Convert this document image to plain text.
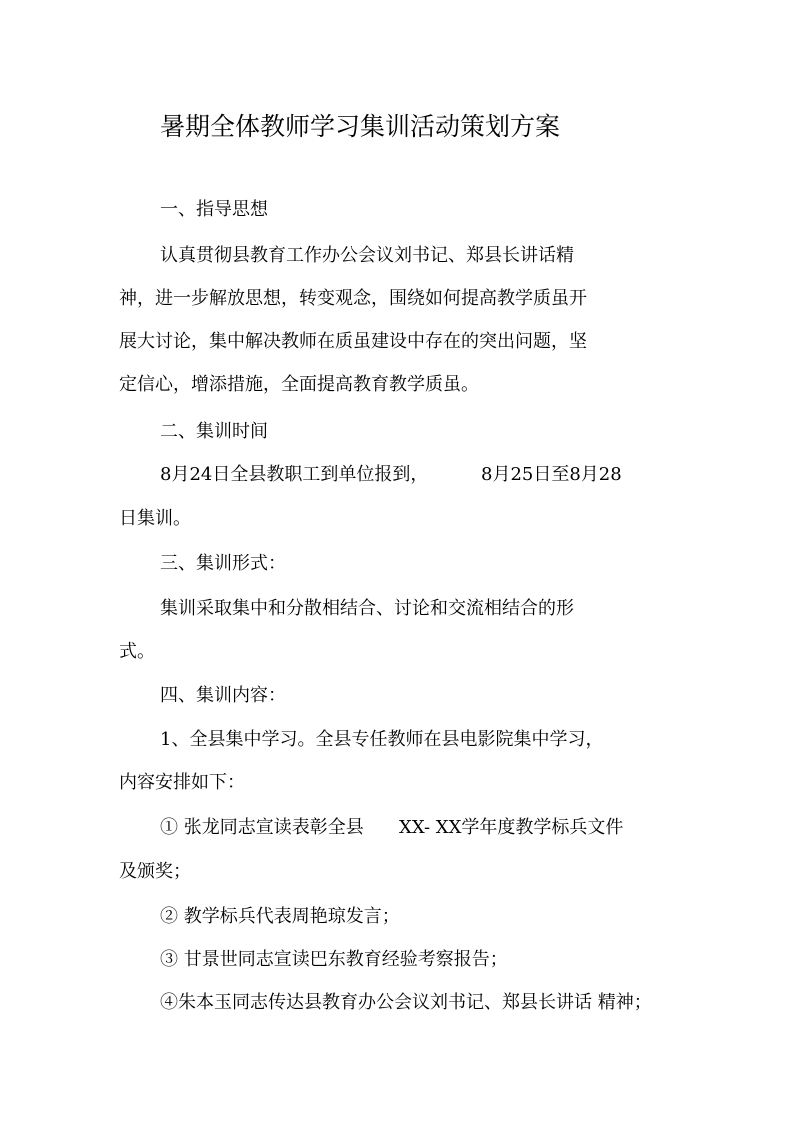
暑期全体教师学习集训活动策划方案
一、指导思想
认真贯彻县教育工作办公会议刘书记、郑县长讲话精
神，进一步解放思想，转变观念，围绕如何提高教学质虽开
展大讨论，集中解决教师在质虽建设中存在的突出问题，坚
定信心，增添措施，全面提高教育教学质虽。
二、集训时间
8月24日全县教职工到单位报到，	8月25日至8月28
日集训。
三、集训形式：
集训采取集中和分散相结合、讨论和交流相结合的形
式。
四、集训内容：
1、全县集中学习。全县专任教师在县电影院集中学习，
内容安排如下：
① 张龙同志宣读表彰全县 XX- XX学年度教学标兵文件
及颁奖；
② 教学标兵代表周艳琼发言；
③ 甘景世同志宣读巴东教育经验考察报告；
④朱本玉同志传达县教育办公会议刘书记、郑县长讲话 精神；
